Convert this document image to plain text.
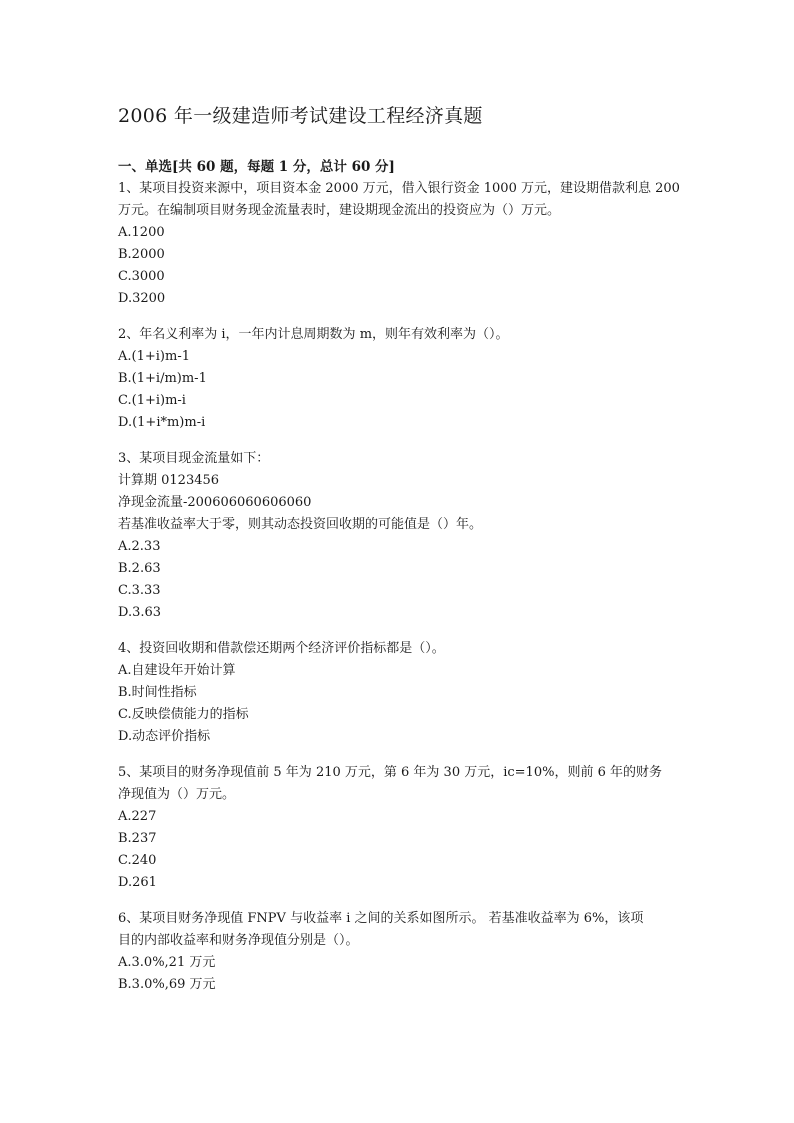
2006 年一级建造师考试建设工程经济真题

一、单选[共 60 题，每题 1 分，总计 60 分]

1、某项目投资来源中，项目资本金 2000 万元，借入银行资金 1000 万元，建设期借款利息 200

万元。在编制项目财务现金流量表时，建设期现金流出的投资应为（）万元。

A.1200

B.2000

C.3000

D.3200

2、年名义利率为 i，一年内计息周期数为 m，则年有效利率为（）。

A.(1+i)m-1

B.(1+i/m)m-1

C.(1+i)m-i

D.(1+i*m)m-i

3、某项目现金流量如下：

计算期 0123456

净现金流量-200606060606060

若基准收益率大于零，则其动态投资回收期的可能值是（）年。

A.2.33

B.2.63

C.3.33

D.3.63

4、投资回收期和借款偿还期两个经济评价指标都是（）。

A.自建设年开始计算

B.时间性指标

C.反映偿债能力的指标

D.动态评价指标

5、某项目的财务净现值前 5 年为 210 万元，第 6 年为 30 万元，ic=10%，则前 6 年的财务

净现值为（）万元。

A.227

B.237

C.240

D.261

6、某项目财务净现值 FNPV 与收益率 i 之间的关系如图所示。 若基准收益率为 6%，该项

目的内部收益率和财务净现值分别是（）。

A.3.0%,21 万元

B.3.0%,69 万元
